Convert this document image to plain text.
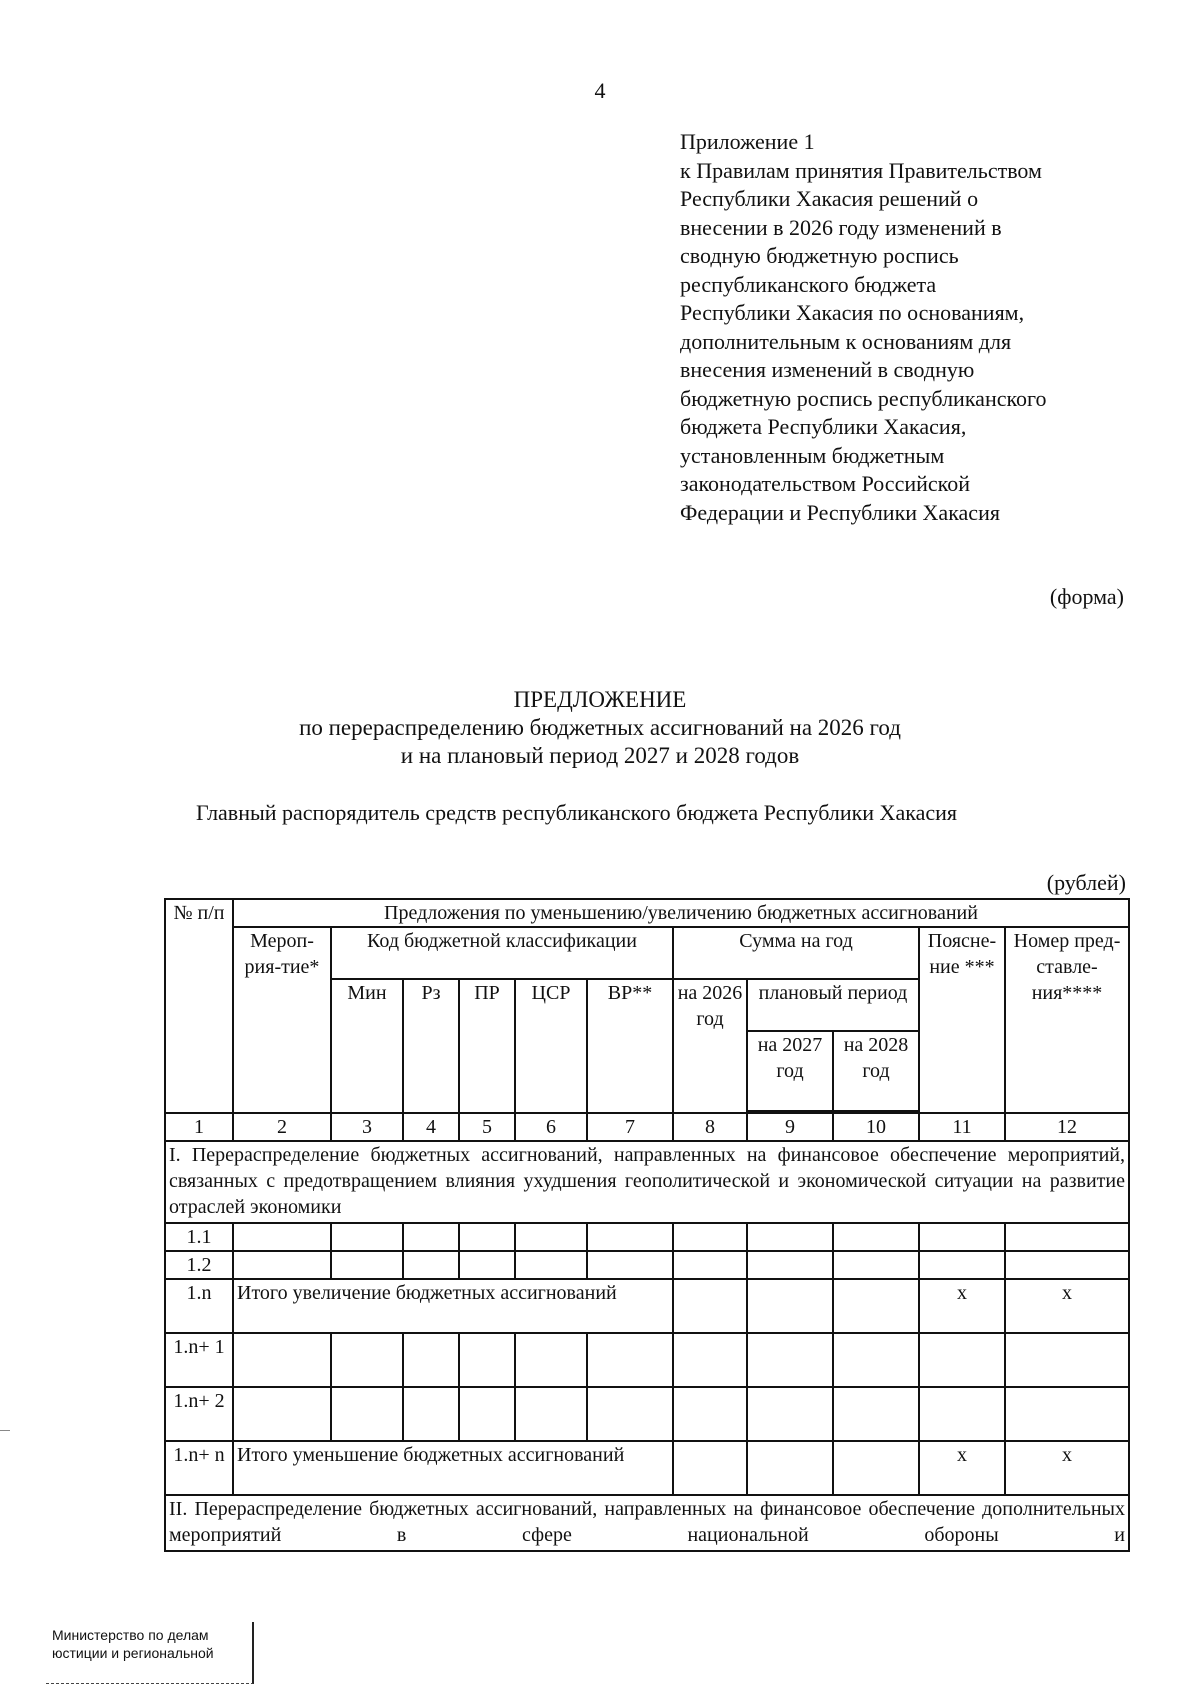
4
Приложение 1
к Правилам принятия Правительством
Республики Хакасия решений о
внесении в 2026 году изменений в
сводную бюджетную роспись
республиканского бюджета
Республики Хакасия по основаниям,
дополнительным к основаниям для
внесения изменений в сводную
бюджетную роспись республиканского
бюджета Республики Хакасия,
установленным бюджетным
законодательством Российской
Федерации и Республики Хакасия
(форма)
ПРЕДЛОЖЕНИЕ
по перераспределению бюджетных ассигнований на 2026 год
и на плановый период 2027 и 2028 годов
Главный распорядитель средств республиканского бюджета Республики Хакасия
(рублей)
№ п/п	Предложения по уменьшению/увеличению бюджетных ассигнований										
	Мероп-рия-тие*	Код бюджетной классификации					Сумма на год			Поясне-ние ***	Номер пред-ставле-ния****
		Мин	Рз	ПР	ЦСР	ВР**	на 2026 год	плановый период			
								на 2027 год	на 2028 год		

1	2	3	4	5	6	7	8	9	10	11	12
I. Перераспределение бюджетных ассигнований, направленных на финансовое обеспечение мероприятий, связанных с предотвращением влияния ухудшения геополитической и экономической ситуации на развитие отраслей экономики											
1.1											
1.2											
1.n	Итого увеличение бюджетных ассигнований									х	х
1.n+ 1											
1.n+ 2											
1.n+ n	Итого уменьшение бюджетных ассигнований									х	х
II. Перераспределение бюджетных ассигнований, направленных на финансовое обеспечение дополнительных мероприятий в сфере национальной обороны и											
Министерство по делам
юстиции и региональной
